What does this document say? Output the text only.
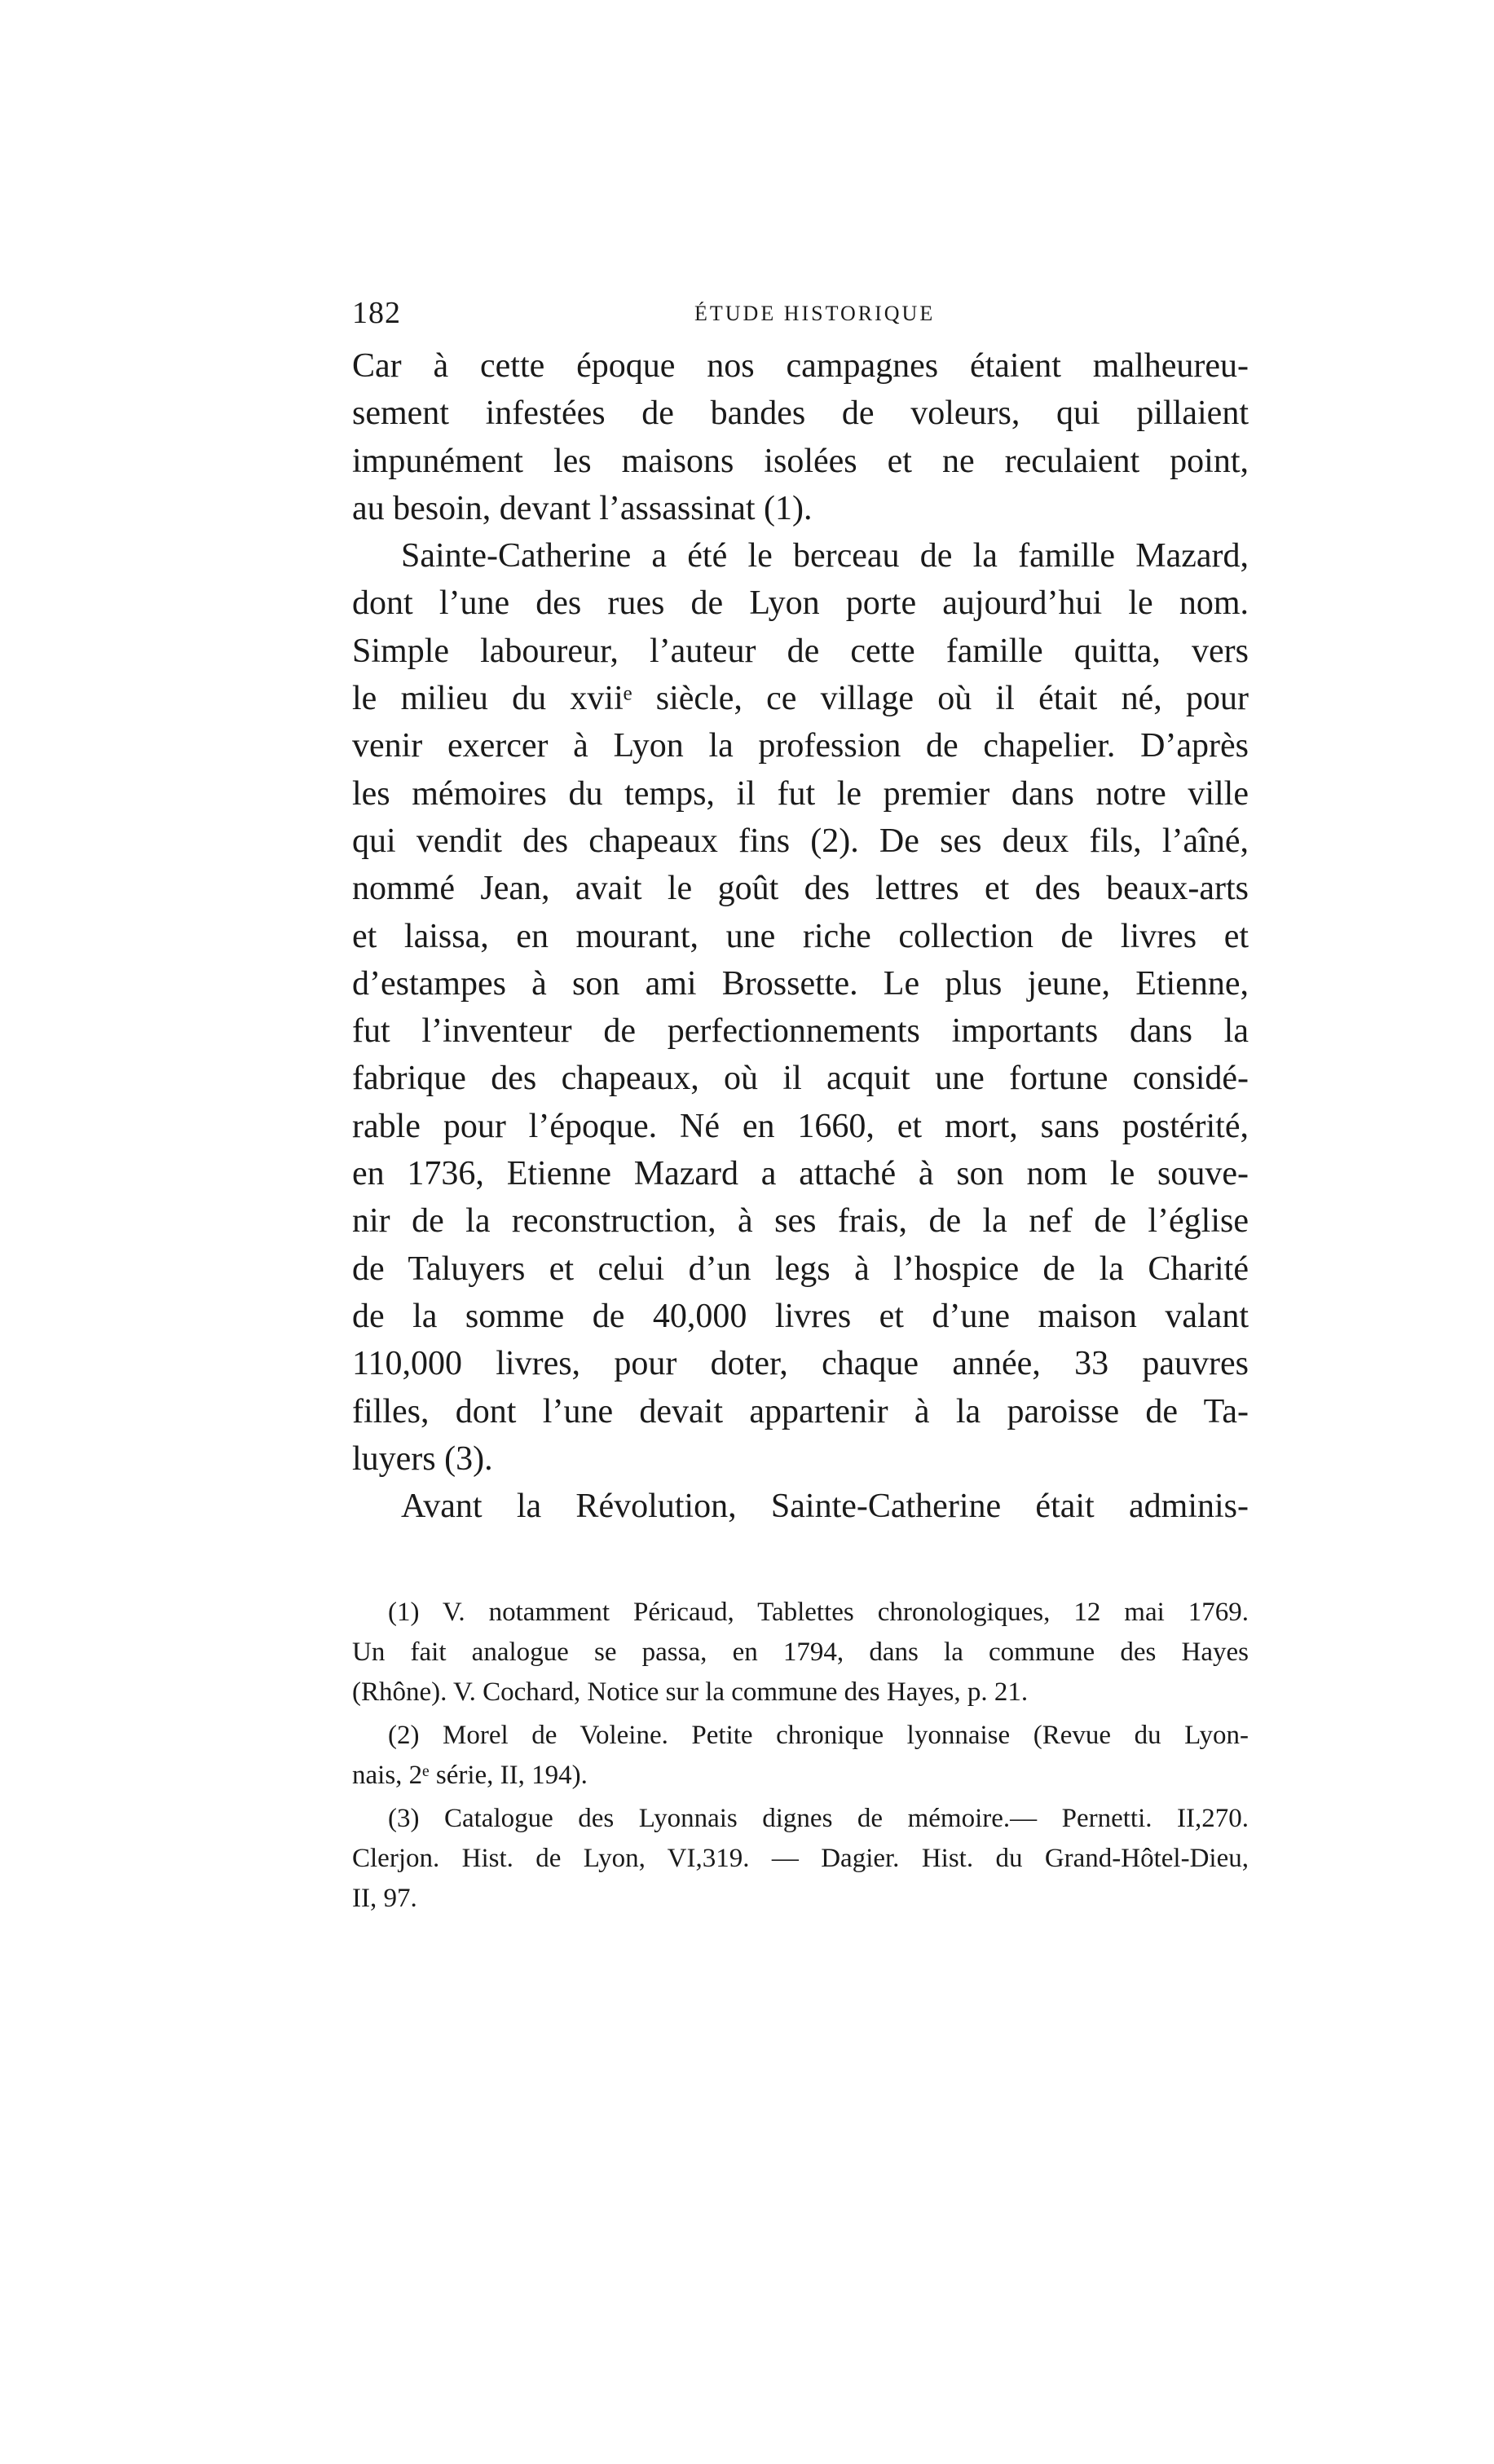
182	ÉTUDE HISTORIQUE
Car à cette époque nos campagnes étaient malheureu-
sement infestées de bandes de voleurs, qui pillaient
impunément les maisons isolées et ne reculaient point,
au besoin, devant l’assassinat (1).
Sainte-Catherine a été le berceau de la famille Mazard,
dont l’une des rues de Lyon porte aujourd’hui le nom.
Simple laboureur, l’auteur de cette famille quitta, vers
le milieu du xviiᵉ siècle, ce village où il était né, pour
venir exercer à Lyon la profession de chapelier. D’après
les mémoires du temps, il fut le premier dans notre ville
qui vendit des chapeaux fins (2). De ses deux fils, l’aîné,
nommé Jean, avait le goût des lettres et des beaux-arts
et laissa, en mourant, une riche collection de livres et
d’estampes à son ami Brossette. Le plus jeune, Etienne,
fut l’inventeur de perfectionnements importants dans la
fabrique des chapeaux, où il acquit une fortune considé-
rable pour l’époque. Né en 1660, et mort, sans postérité,
en 1736, Etienne Mazard a attaché à son nom le souve-
nir de la reconstruction, à ses frais, de la nef de l’église
de Taluyers et celui d’un legs à l’hospice de la Charité
de la somme de 40,000 livres et d’une maison valant
110,000 livres, pour doter, chaque année, 33 pauvres
filles, dont l’une devait appartenir à la paroisse de Ta-
luyers (3).
Avant la Révolution, Sainte-Catherine était adminis-
(1) V. notamment Péricaud, Tablettes chronologiques, 12 mai 1769.
Un fait analogue se passa, en 1794, dans la commune des Hayes
(Rhône). V. Cochard, Notice sur la commune des Hayes, p. 21.
(2) Morel de Voleine. Petite chronique lyonnaise (Revue du Lyon-
nais, 2ᵉ série, II, 194).
(3) Catalogue des Lyonnais dignes de mémoire.— Pernetti. II,270.
Clerjon. Hist. de Lyon, VI,319. — Dagier. Hist. du Grand-Hôtel-Dieu,
II, 97.
